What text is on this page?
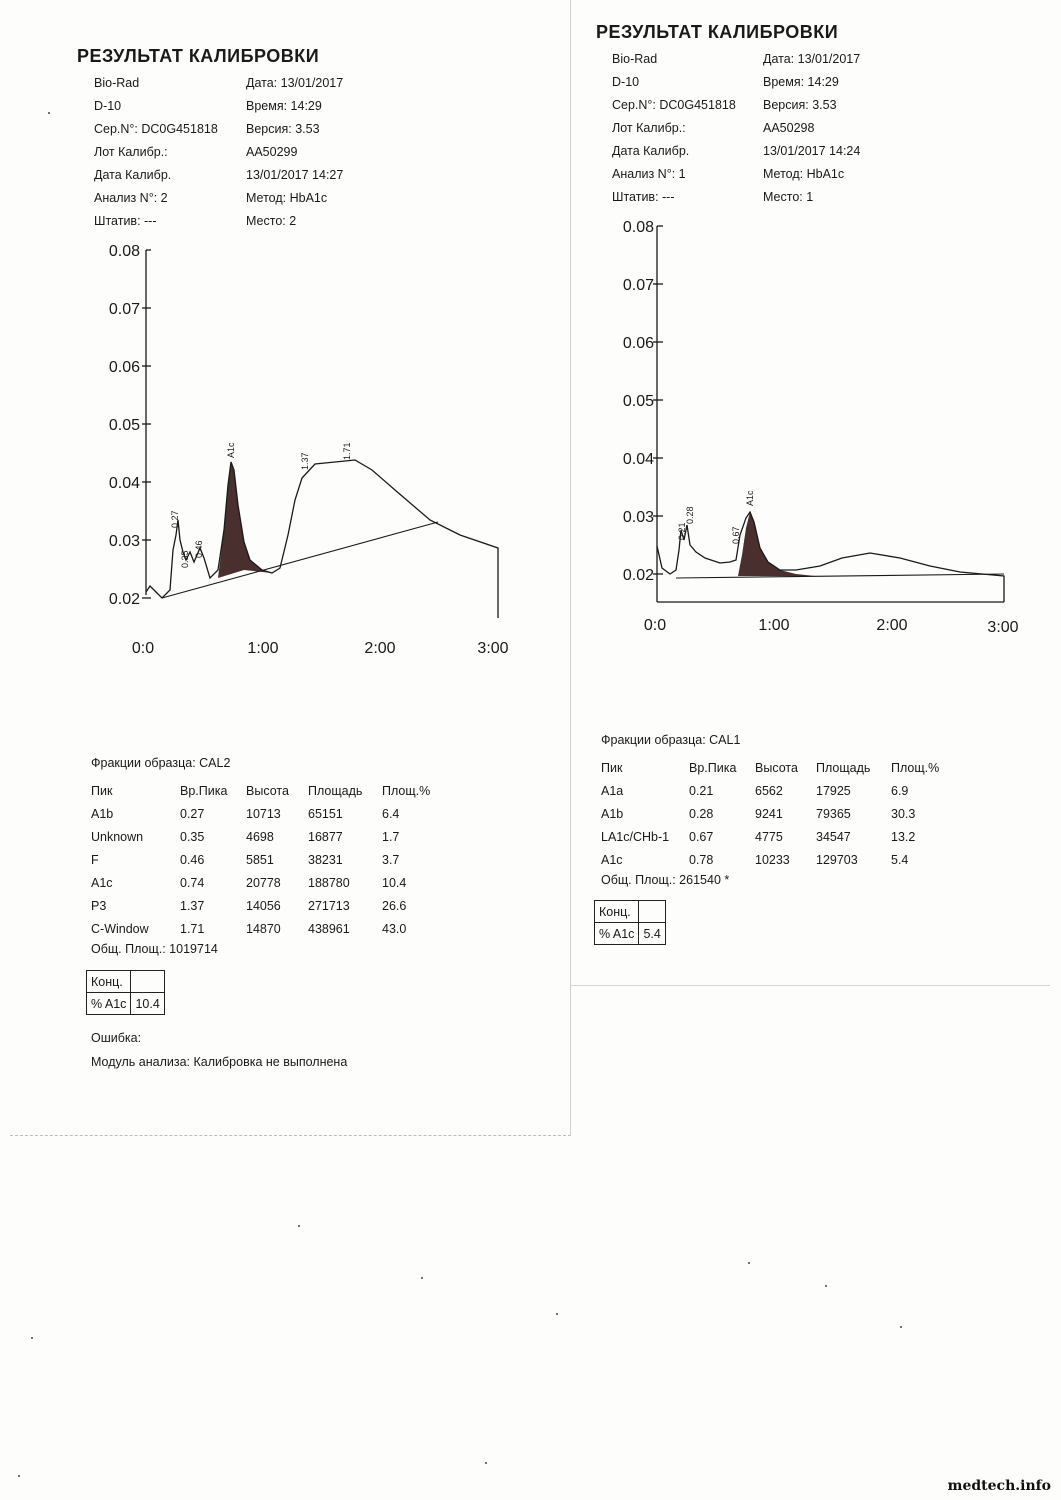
РЕЗУЛЬТАТ КАЛИБРОВКИ
Bio-Rad	Дата: 13/01/2017
D-10	Время: 14:29
Сер.N°: DC0G451818 Версия: 3.53
Лот Калибр.:	AA50299
Дата Калибр.	13/01/2017 14:27
Анализ N°: 2	Метод: HbA1c
Штатив: ---	Место: 2
0.08
0.07
0.06
0.05
0.04
0.03
0.02
0:0	1:00	2:00	3:00
0.27
0.35
0.46
A1c
1.37
1.71
Фракции образца: CAL2
Пик	Вр.Пика	Высота	Площадь	Площ.%
A1b	0.27	10713	65151	6.4
Unknown	0.35	4698	16877	1.7
F	0.46	5851	38231	3.7
A1c	0.74	20778	188780	10.4
P3	1.37	14056	271713	26.6
C-Window	1.71	14870	438961	43.0
Общ. Площ.: 1019714
Конц.	
% A1c	10.4
Ошибка:
Модуль анализа: Калибровка не выполнена
РЕЗУЛЬТАТ КАЛИБРОВКИ
Bio-Rad	Дата: 13/01/2017
D-10	Время: 14:29
Сер.N°: DC0G451818 Версия: 3.53
Лот Калибр.:	AA50298
Дата Калибр.	13/01/2017 14:24
Анализ N°: 1	Метод: HbA1c
Штатив: ---	Место: 1
0.08
0.07
0.06
0.05
0.04
0.03
0.02
0:0	1:00	2:00	3:00
0.21
0.28
0.67
A1c
Фракции образца: CAL1
Пик	Вр.Пика	Высота	Площадь	Площ.%
A1a	0.21	6562	17925	6.9
A1b	0.28	9241	79365	30.3
LA1c/CHb-1	0.67	4775	34547	13.2
A1c	0.78	10233	129703	5.4
Общ. Площ.: 261540 *
Конц.	
% A1c	5.4
medtech.info
